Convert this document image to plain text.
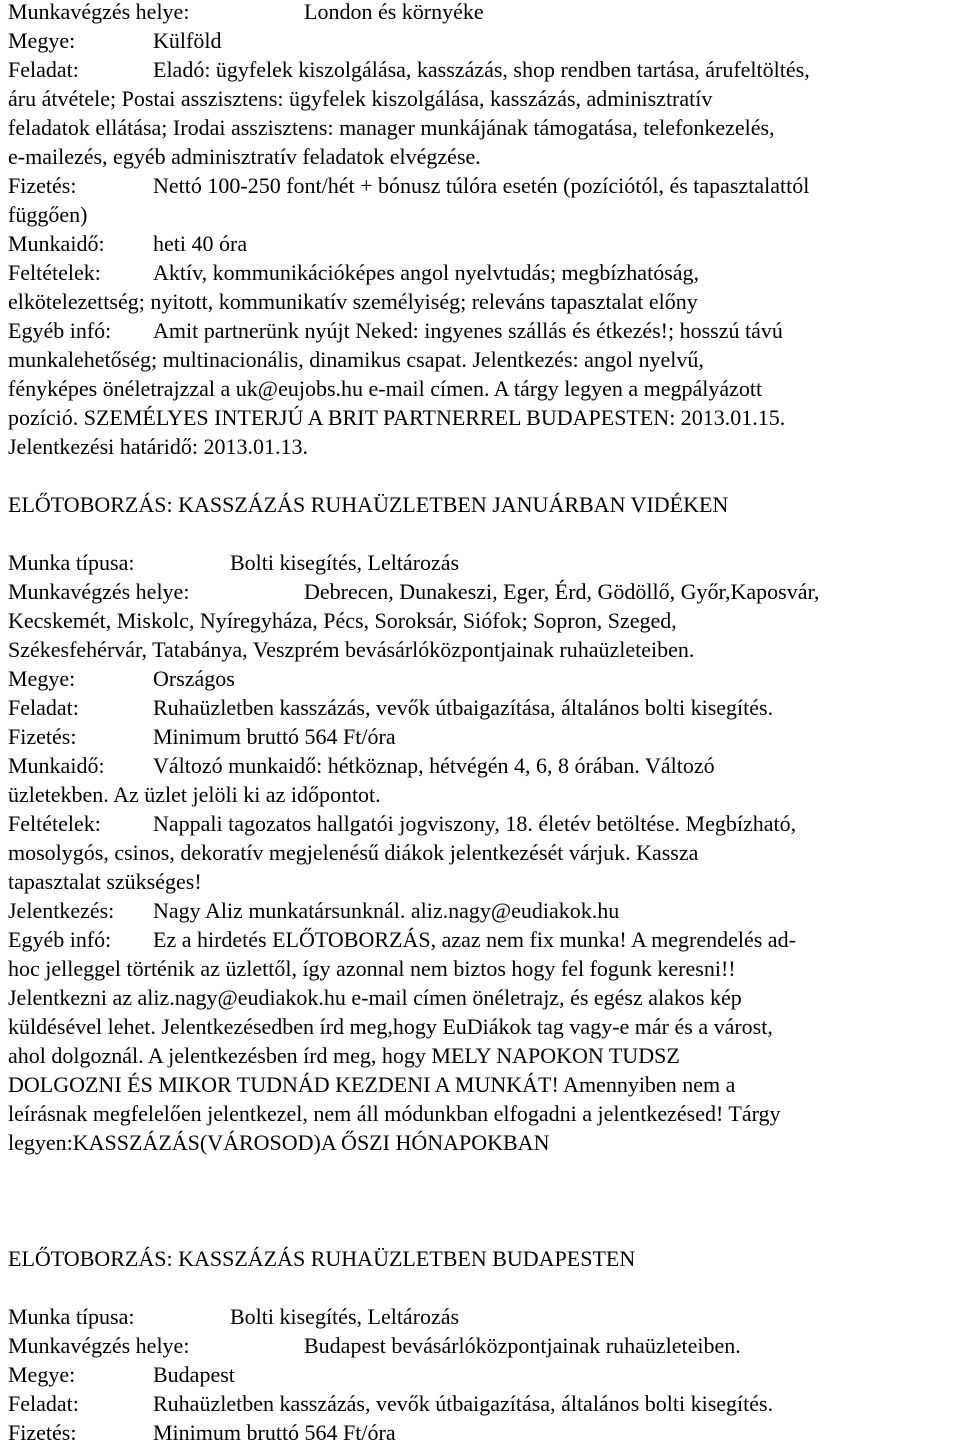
Munkavégzés helye:	London és környéke
Megye:	Külföld
Feladat:	Eladó: ügyfelek kiszolgálása, kasszázás, shop rendben tartása, árufeltöltés,
áru átvétele; Postai asszisztens: ügyfelek kiszolgálása, kasszázás, adminisztratív
feladatok ellátása; Irodai asszisztens: manager munkájának támogatása, telefonkezelés,
e-mailezés, egyéb adminisztratív feladatok elvégzése.
Fizetés:	Nettó 100-250 font/hét + bónusz túlóra esetén (pozíciótól, és tapasztalattól
függően)
Munkaidő: heti 40 óra
Feltételek: Aktív, kommunikációképes angol nyelvtudás; megbízhatóság,
elkötelezettség; nyitott, kommunikatív személyiség; releváns tapasztalat előny
Egyéb infó: Amit partnerünk nyújt Neked: ingyenes szállás és étkezés!; hosszú távú
munkalehetőség; multinacionális, dinamikus csapat. Jelentkezés: angol nyelvű,
fényképes önéletrajzzal a uk@eujobs.hu e-mail címen. A tárgy legyen a megpályázott
pozíció. SZEMÉLYES INTERJÚ A BRIT PARTNERREL BUDAPESTEN: 2013.01.15.
Jelentkezési határidő: 2013.01.13.
ELŐTOBORZÁS: KASSZÁZÁS RUHAÜZLETBEN JANUÁRBAN VIDÉKEN
Munka típusa:	Bolti kisegítés, Leltározás
Munkavégzés helye:	Debrecen, Dunakeszi, Eger, Érd, Gödöllő, Győr,Kaposvár,
Kecskemét, Miskolc, Nyíregyháza, Pécs, Soroksár, Siófok; Sopron, Szeged,
Székesfehérvár, Tatabánya, Veszprém bevásárlóközpontjainak ruhaüzleteiben.
Megye:	Országos
Feladat:	Ruhaüzletben kasszázás, vevők útbaigazítása, általános bolti kisegítés.
Fizetés:	Minimum bruttó 564 Ft/óra
Munkaidő: Változó munkaidő: hétköznap, hétvégén 4, 6, 8 órában. Változó
üzletekben. Az üzlet jelöli ki az időpontot.
Feltételek: Nappali tagozatos hallgatói jogviszony, 18. életév betöltése. Megbízható,
mosolygós, csinos, dekoratív megjelenésű diákok jelentkezését várjuk. Kassza
tapasztalat szükséges!
Jelentkezés: Nagy Aliz munkatársunknál. aliz.nagy@eudiakok.hu
Egyéb infó: Ez a hirdetés ELŐTOBORZÁS, azaz nem fix munka! A megrendelés ad-
hoc jelleggel történik az üzlettől, így azonnal nem biztos hogy fel fogunk keresni!!
Jelentkezni az aliz.nagy@eudiakok.hu e-mail címen önéletrajz, és egész alakos kép
küldésével lehet. Jelentkezésedben írd meg,hogy EuDiákok tag vagy-e már és a várost,
ahol dolgoznál. A jelentkezésben írd meg, hogy MELY NAPOKON TUDSZ
DOLGOZNI ÉS MIKOR TUDNÁD KEZDENI A MUNKÁT! Amennyiben nem a
leírásnak megfelelően jelentkezel, nem áll módunkban elfogadni a jelentkezésed! Tárgy
legyen:KASSZÁZÁS(VÁROSOD)A ŐSZI HÓNAPOKBAN
ELŐTOBORZÁS: KASSZÁZÁS RUHAÜZLETBEN BUDAPESTEN
Munka típusa:	Bolti kisegítés, Leltározás
Munkavégzés helye:	Budapest bevásárlóközpontjainak ruhaüzleteiben.
Megye:	Budapest
Feladat:	Ruhaüzletben kasszázás, vevők útbaigazítása, általános bolti kisegítés.
Fizetés:	Minimum bruttó 564 Ft/óra
